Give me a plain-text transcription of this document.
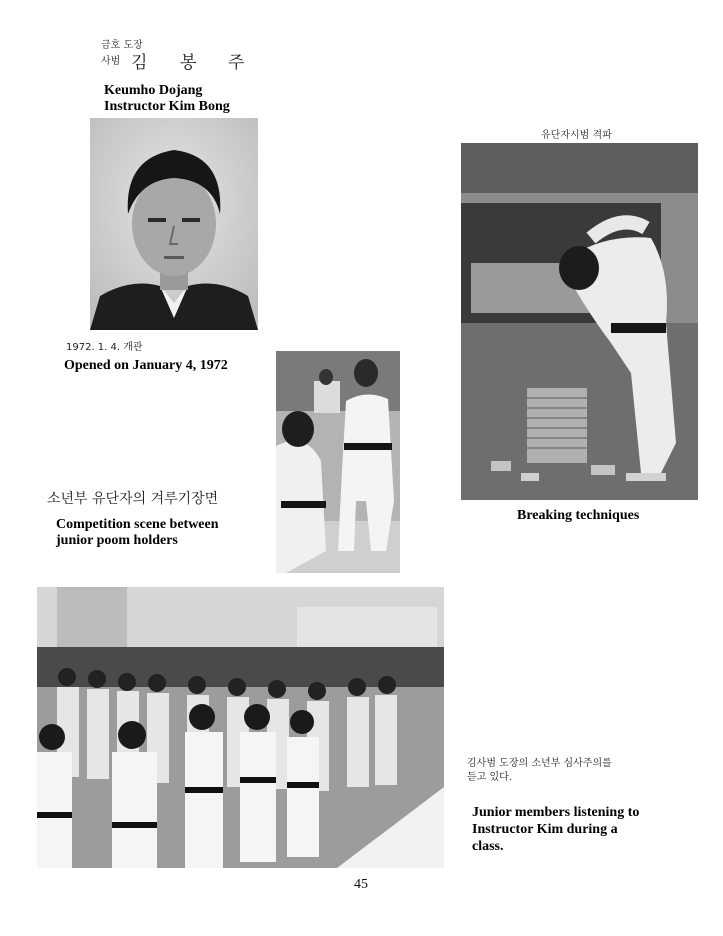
금호 도장
사범 김 봉 주
Keumho Dojang
Instructor Kim Bong
1972. 1. 4. 개관
Opened on January 4, 1972
유단자시범 격파
Breaking techniques
소년부 유단자의 겨루기장면
Competition scene between
junior poom holders
김사범 도장의 소년부 심사주의를
듣고 있다.
Junior members listening to
Instructor Kim during a
class.
45
